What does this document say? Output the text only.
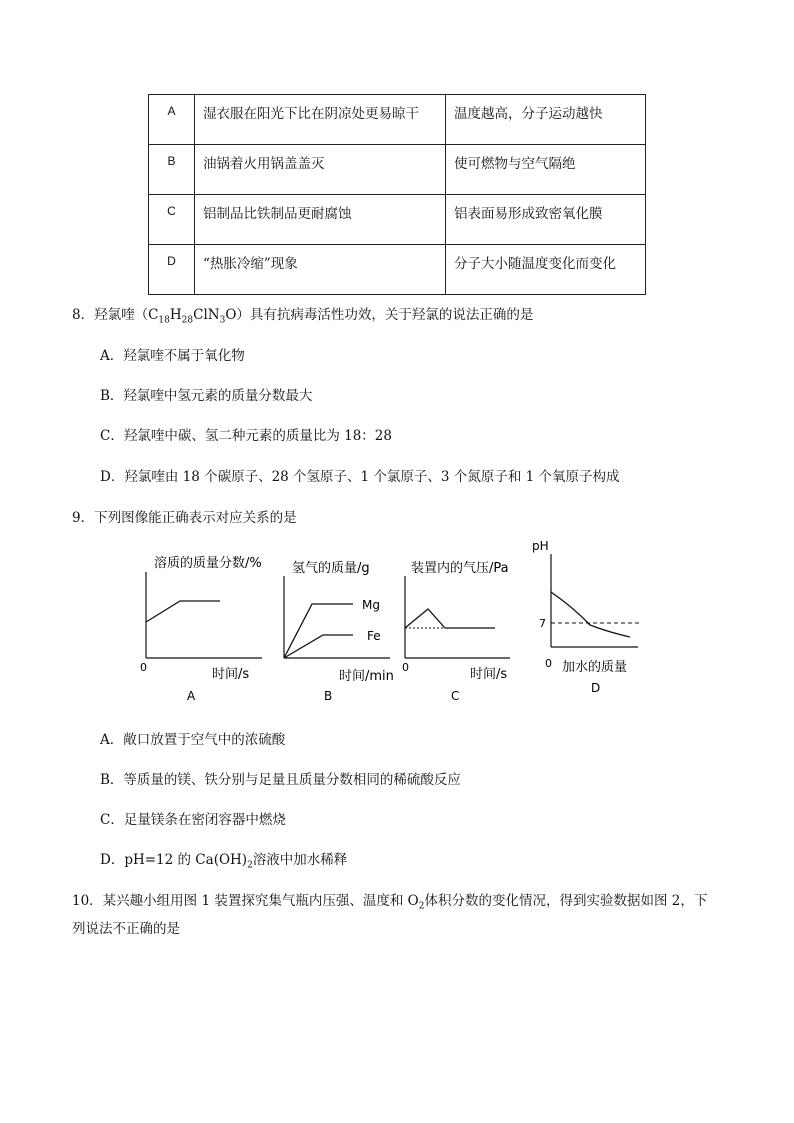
A	湿衣服在阳光下比在阴凉处更易晾干	温度越高，分子运动越快
B	油锅着火用锅盖盖灭	使可燃物与空气隔绝
C	铝制品比铁制品更耐腐蚀	铝表面易形成致密氧化膜
D	“热胀冷缩”现象	分子大小随温度变化而变化
8．羟氯喹$(C_{18}H_{28}ClN_3O)$具有抗病毒活性功效，关于羟氯的说法正确的是
A．羟氯喹不属于氧化物
B．羟氯喹中氢元素的质量分数最大
C．羟氯喹中碳、氢二种元素的质量比为 18：28
D．羟氯喹由 18 个碳原子、28 个氢原子、1 个氯原子、3 个氮原子和 1 个氧原子构成
9．下列图像能正确表示对应关系的是
溶质的质量分数/%
0	时间/s
A
氢气的质量/g
Mg
Fe
时间/min
B
装置内的气压/Pa
0	时间/s
C
pH
7
0 加水的质量
D
A．敞口放置于空气中的浓硫酸
B．等质量的镁、铁分别与足量且质量分数相同的稀硫酸反应
C．足量镁条在密闭容器中燃烧
D．pH=12 的 $Ca(OH)_2$溶液中加水稀释
10．某兴趣小组用图 1 装置探究集气瓶内压强、温度和 $O_2$体积分数的变化情况，得到实验数据如图 2，下
列说法不正确的是
